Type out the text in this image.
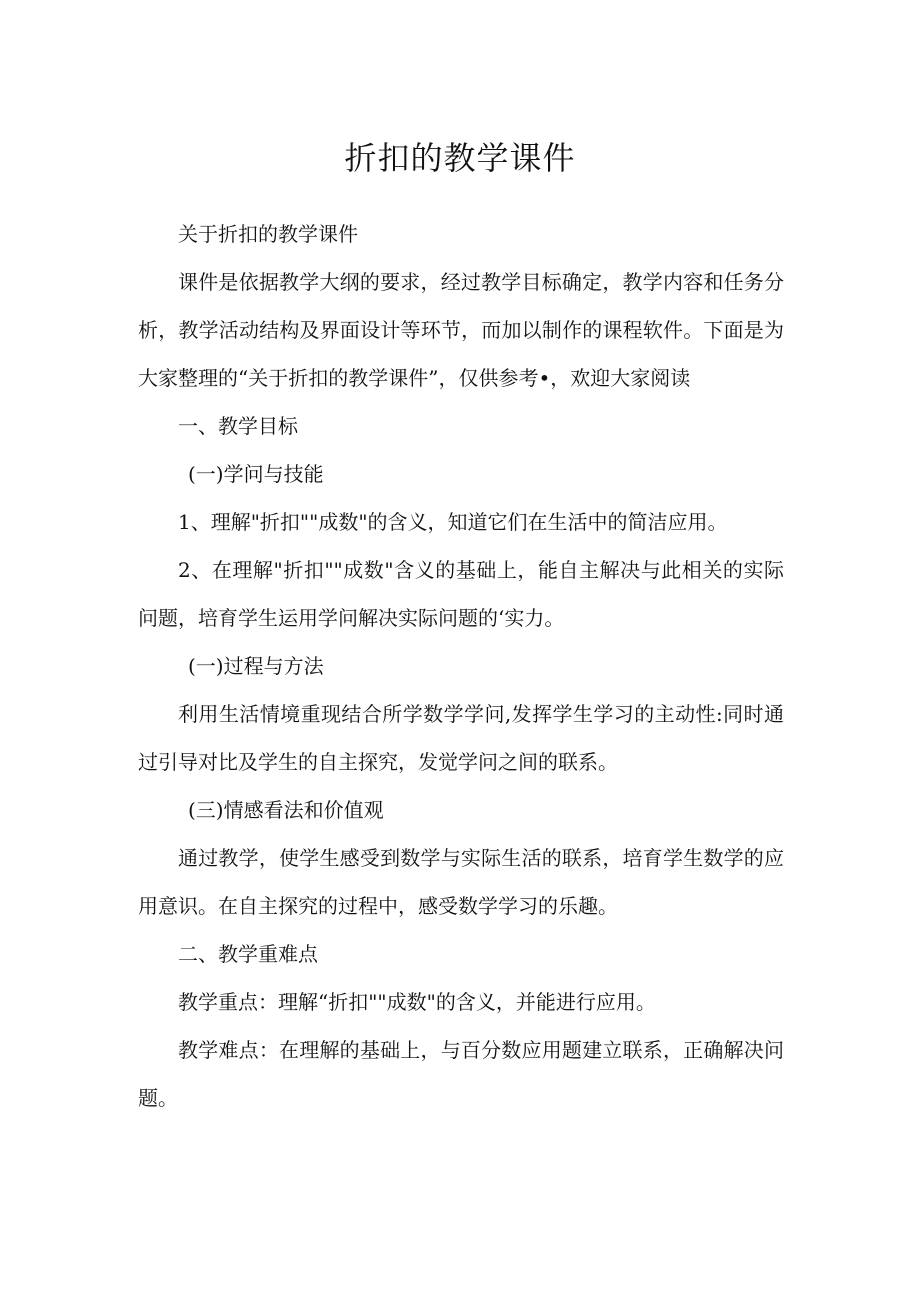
折扣的教学课件

关于折扣的教学课件

课件是依据教学大纲的要求，经过教学目标确定，教学内容和任务分析，教学活动结构及界面设计等环节，而加以制作的课程软件。下面是为大家整理的“关于折扣的教学课件”，仅供参考•，欢迎大家阅读

一、教学目标

(一)学问与技能

1、理解"折扣""成数"的含义，知道它们在生活中的简洁应用。

2、在理解"折扣""成数"含义的基础上，能自主解决与此相关的实际问题，培育学生运用学问解决实际问题的‘实力。

(一)过程与方法

利用生活情境重现结合所学数学学问,发挥学生学习的主动性:同时通过引导对比及学生的自主探究，发觉学问之间的联系。

(三)情感看法和价值观

通过教学，使学生感受到数学与实际生活的联系，培育学生数学的应用意识。在自主探究的过程中，感受数学学习的乐趣。

二、教学重难点

教学重点：理解“折扣""成数"的含义，并能进行应用。

教学难点：在理解的基础上，与百分数应用题建立联系，正确解决问题。
